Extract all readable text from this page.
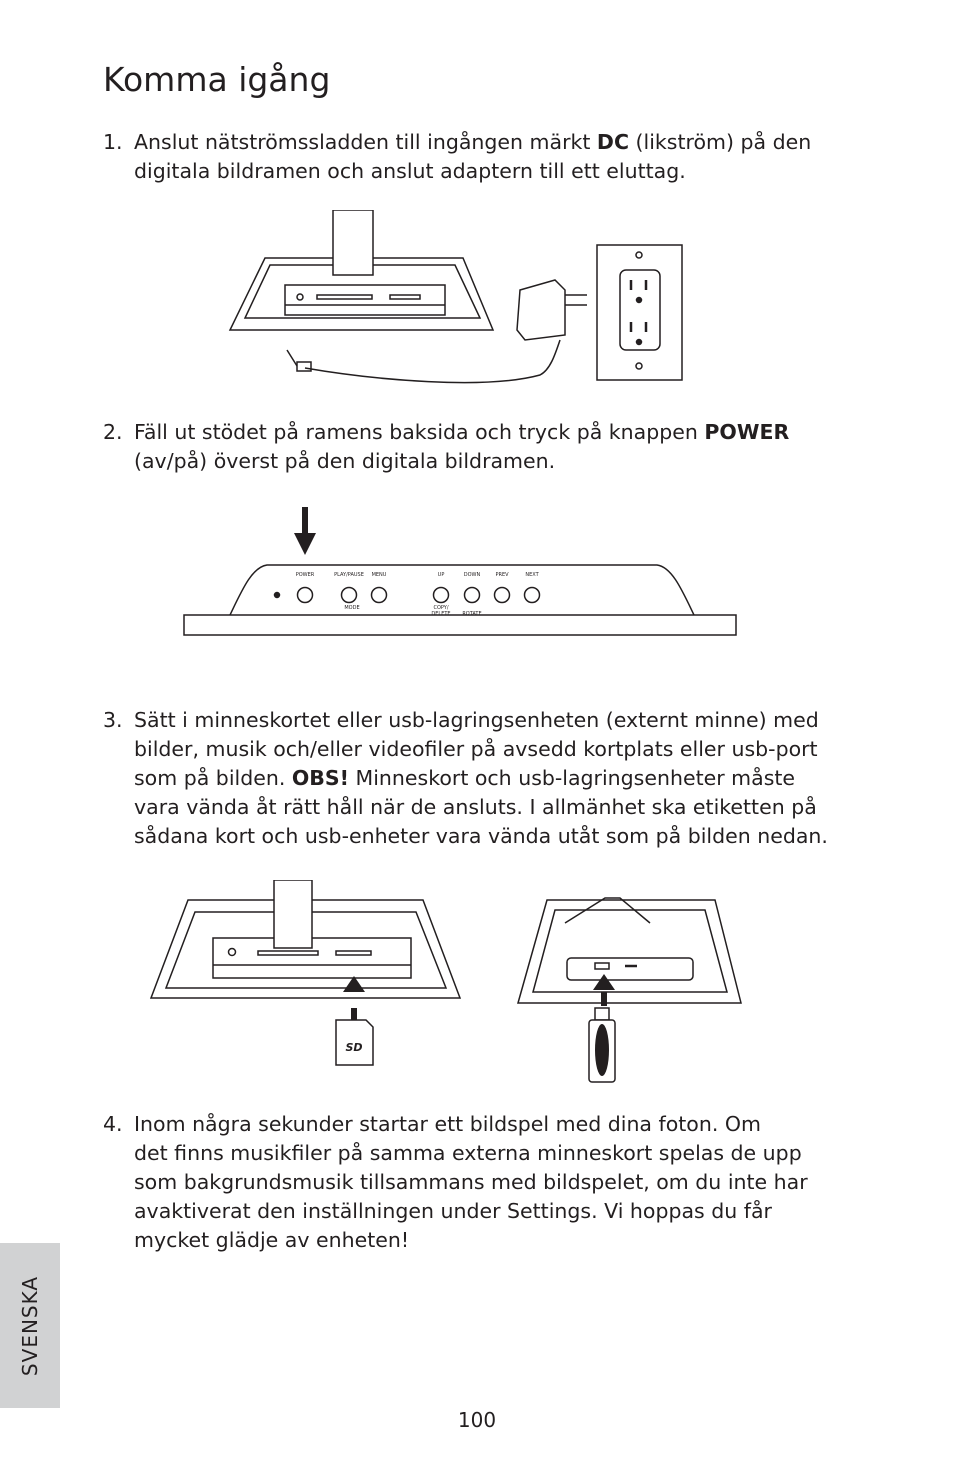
Komma igång

1. Anslut nätströmssladden till ingången märkt DC (likström) på den
digitala bildramen och anslut adaptern till ett eluttag.

2. Fäll ut stödet på ramens baksida och tryck på knappen POWER
(av/på) överst på den digitala bildramen.

POWER	PLAY/PAUSE MENU	UP	DOWN	PREV	NEXT
MODE	COPY/
DELETE ROTATE

3. Sätt i minneskortet eller usb-lagringsenheten (externt minne) med
bilder, musik och/eller videofiler på avsedd kortplats eller usb-port
som på bilden. OBS! Minneskort och usb-lagringsenheter måste
vara vända åt rätt håll när de ansluts. I allmänhet ska etiketten på
sådana kort och usb-enheter vara vända utåt som på bilden nedan.

SD

4. Inom några sekunder startar ett bildspel med dina foton. Om
det finns musikfiler på samma externa minneskort spelas de upp
som bakgrundsmusik tillsammans med bildspelet, om du inte har
avaktiverat den inställningen under Settings. Vi hoppas du får
mycket glädje av enheten!

SVENSKA
100
